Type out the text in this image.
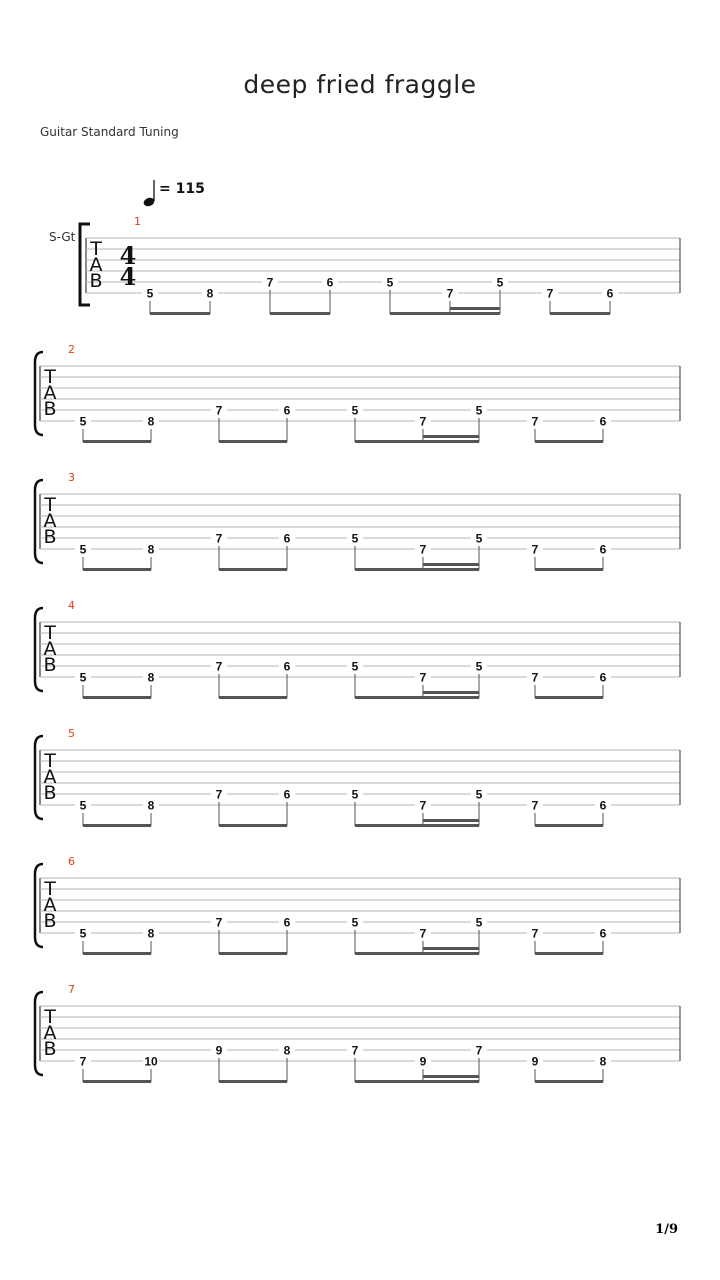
deep fried fraggle
Guitar Standard Tuning
= 115
S-Gt
1
T
A
B
4
4
5	8
7	6	5
7
5
7	6
2
T
A
B
5	8
7	6	5
7
5
7	6
3
T
A
B
5	8
7	6	5
7
5
7	6
4
T
A
B
5	8
7	6	5
7
5
7	6
5
T
A
B
5	8
7	6	5
7
5
7	6
6
T
A
B
5	8
7	6	5
7
5
7	6
7
T
A
B
7	10
9	8	7
9
7
9	8
1/9
